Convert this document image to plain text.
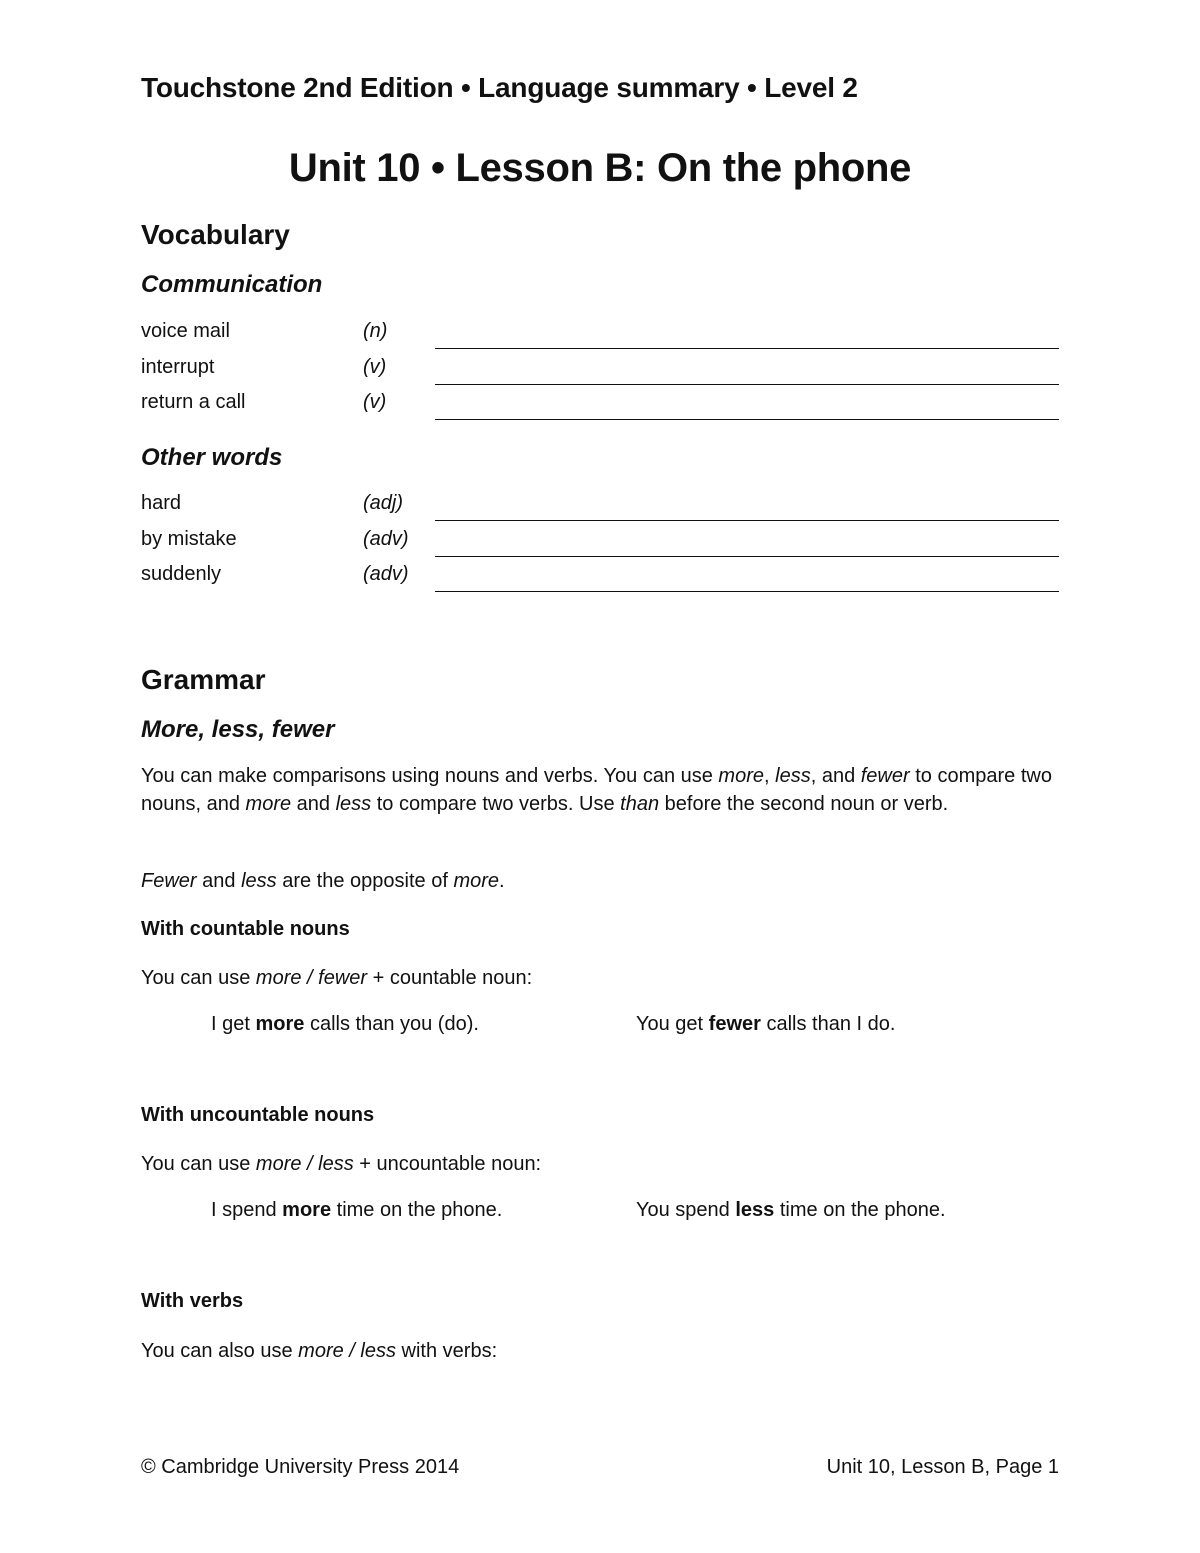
Touchstone 2nd Edition • Language summary • Level 2
Unit 10 • Lesson B: On the phone
Vocabulary
Communication
voice mail	(n)
interrupt	(v)
return a call	(v)
Other words
hard	(adj)
by mistake	(adv)
suddenly	(adv)
Grammar
More, less, fewer
You can make comparisons using nouns and verbs. You can use more, less, and fewer to compare two nouns, and more and less to compare two verbs. Use than before the second noun or verb.
Fewer and less are the opposite of more.
With countable nouns
You can use more / fewer + countable noun:
I get more calls than you (do).	You get fewer calls than I do.
With uncountable nouns
You can use more / less + uncountable noun:
I spend more time on the phone.	You spend less time on the phone.
With verbs
You can also use more / less with verbs:
© Cambridge University Press 2014	Unit 10, Lesson B, Page 1
